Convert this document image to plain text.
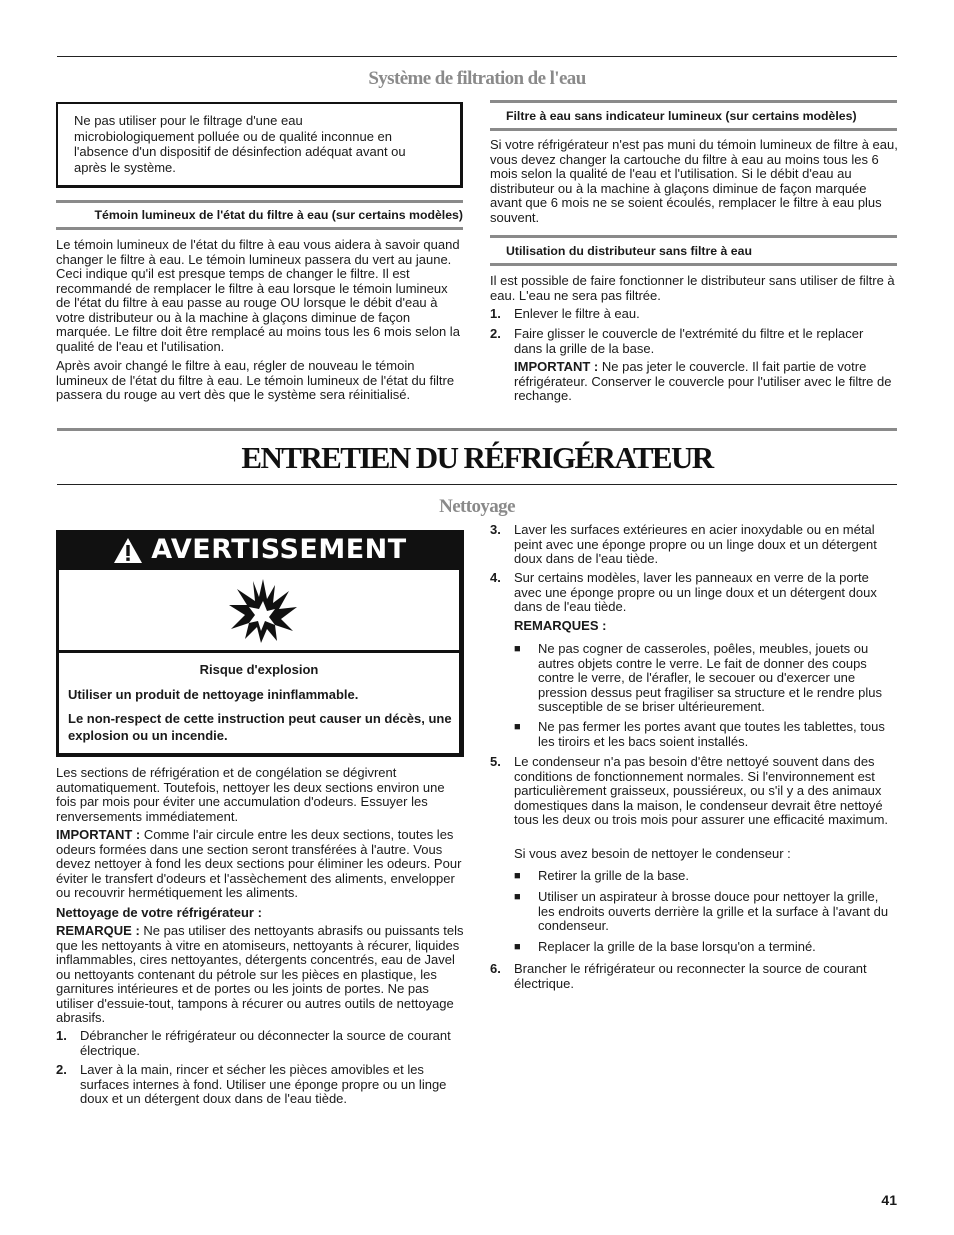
Système de filtration de l'eau

Ne pas utiliser pour le filtrage d'une eau microbiologiquement polluée ou de qualité inconnue en l'absence d'un dispositif de désinfection adéquat avant ou après le système.

Témoin lumineux de l'état du filtre à eau (sur certains modèles)

Le témoin lumineux de l'état du filtre à eau vous aidera à savoir quand changer le filtre à eau. Le témoin lumineux passera du vert au jaune. Ceci indique qu'il est presque temps de changer le filtre. Il est recommandé de remplacer le filtre à eau lorsque le témoin lumineux de l'état du filtre à eau passe au rouge OU lorsque le débit d'eau à votre distributeur ou à la machine à glaçons diminue de façon marquée. Le filtre doit être remplacé au moins tous les 6 mois selon la qualité de l'eau et l'utilisation.

Après avoir changé le filtre à eau, régler de nouveau le témoin lumineux de l'état du filtre à eau. Le témoin lumineux de l'état du filtre passera du rouge au vert dès que le système sera réinitialisé.

Filtre à eau sans indicateur lumineux (sur certains modèles)

Si votre réfrigérateur n'est pas muni du témoin lumineux de filtre à eau, vous devez changer la cartouche du filtre à eau au moins tous les 6 mois selon la qualité de l'eau et l'utilisation. Si le débit d'eau au distributeur ou à la machine à glaçons diminue de façon marquée avant que 6 mois ne se soient écoulés, remplacer le filtre à eau plus souvent.

Utilisation du distributeur sans filtre à eau

Il est possible de faire fonctionner le distributeur sans utiliser de filtre à eau. L'eau ne sera pas filtrée.

1. Enlever le filtre à eau.

2. Faire glisser le couvercle de l'extrémité du filtre et le replacer dans la grille de la base.

IMPORTANT : Ne pas jeter le couvercle. Il fait partie de votre réfrigérateur. Conserver le couvercle pour l'utiliser avec le filtre de rechange.

ENTRETIEN DU RÉFRIGÉRATEUR
Nettoyage
AVERTISSEMENT

Risque d'explosion

Utiliser un produit de nettoyage ininflammable.

Le non-respect de cette instruction peut causer un décès, une explosion ou un incendie.

Les sections de réfrigération et de congélation se dégivrent automatiquement. Toutefois, nettoyer les deux sections environ une fois par mois pour éviter une accumulation d'odeurs. Essuyer les renversements immédiatement.

IMPORTANT : Comme l'air circule entre les deux sections, toutes les odeurs formées dans une section seront transférées à l'autre. Vous devez nettoyer à fond les deux sections pour éliminer les odeurs. Pour éviter le transfert d'odeurs et l'assèchement des aliments, envelopper ou recouvrir hermétiquement les aliments.

Nettoyage de votre réfrigérateur :

REMARQUE : Ne pas utiliser des nettoyants abrasifs ou puissants tels que les nettoyants à vitre en atomiseurs, nettoyants à récurer, liquides inflammables, cires nettoyantes, détergents concentrés, eau de Javel ou nettoyants contenant du pétrole sur les pièces en plastique, les garnitures intérieures et de portes ou les joints de portes. Ne pas utiliser d'essuie-tout, tampons à récurer ou autres outils de nettoyage abrasifs.

1. Débrancher le réfrigérateur ou déconnecter la source de courant électrique.

2. Laver à la main, rincer et sécher les pièces amovibles et les surfaces internes à fond. Utiliser une éponge propre ou un linge doux et un détergent doux dans de l'eau tiède.

3. Laver les surfaces extérieures en acier inoxydable ou en métal peint avec une éponge propre ou un linge doux et un détergent doux dans de l'eau tiède.

4. Sur certains modèles, laver les panneaux en verre de la porte avec une éponge propre ou un linge doux et un détergent doux dans de l'eau tiède.

REMARQUES :

■ Ne pas cogner de casseroles, poêles, meubles, jouets ou autres objets contre le verre. Le fait de donner des coups contre le verre, de l'érafler, le secouer ou d'exercer une pression dessus peut fragiliser sa structure et le rendre plus susceptible de se briser ultérieurement.

■ Ne pas fermer les portes avant que toutes les tablettes, tous les tiroirs et les bacs soient installés.

5. Le condenseur n'a pas besoin d'être nettoyé souvent dans des conditions de fonctionnement normales. Si l'environnement est particulièrement graisseux, poussiéreux, ou s'il y a des animaux domestiques dans la maison, le condenseur devrait être nettoyé tous les deux ou trois mois pour assurer une efficacité maximum.

Si vous avez besoin de nettoyer le condenseur :

■ Retirer la grille de la base.

■ Utiliser un aspirateur à brosse douce pour nettoyer la grille, les endroits ouverts derrière la grille et la surface à l'avant du condenseur.

■ Replacer la grille de la base lorsqu'on a terminé.

6. Brancher le réfrigérateur ou reconnecter la source de courant électrique.

41
